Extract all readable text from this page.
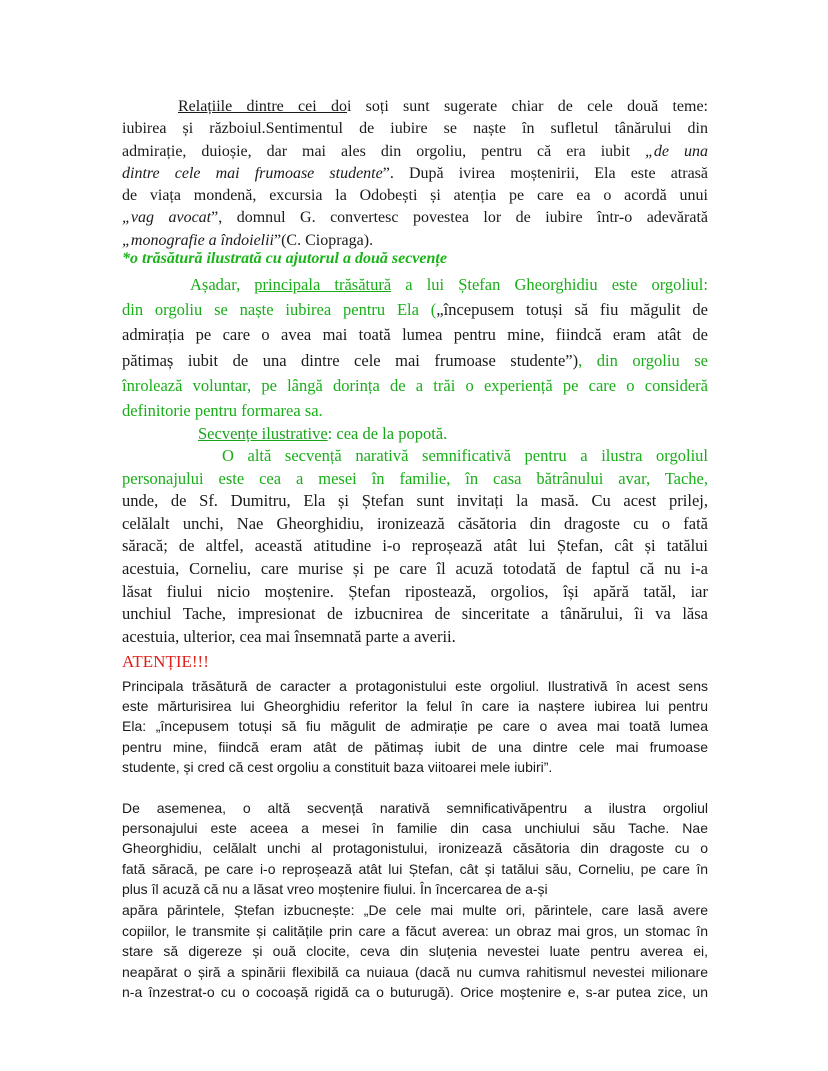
Relațiile dintre cei doi soți sunt sugerate chiar de cele două teme:
iubirea și războiul.Sentimentul de iubire se naște în sufletul tânărului din
admirație, duioșie, dar mai ales din orgoliu, pentru că era iubit „de una
dintre cele mai frumoase studente”. După ivirea moștenirii, Ela este atrasă
de viața mondenă, excursia la Odobești și atenția pe care ea o acordă unui
„vag avocat”, domnul G. convertesc povestea lor de iubire într-o adevărată
„monografie a îndoielii”(C. Ciopraga).
*o trăsătură ilustrată cu ajutorul a două secvențe
Așadar, principala trăsătură a lui Ștefan Gheorghidiu este orgoliul:
din orgoliu se naște iubirea pentru Ela („începusem totuși să fiu măgulit de
admirația pe care o avea mai toată lumea pentru mine, fiindcă eram atât de
pătimaș iubit de una dintre cele mai frumoase studente”), din orgoliu se
înrolează voluntar, pe lângă dorința de a trăi o experiență pe care o consideră
definitorie pentru formarea sa.
Secvențe ilustrative: cea de la popotă.
O altă secvență narativă semnificativă pentru a ilustra orgoliul
personajului este cea a mesei în familie, în casa bătrânului avar, Tache,
unde, de Sf. Dumitru, Ela și Ștefan sunt invitați la masă. Cu acest prilej,
celălalt unchi, Nae Gheorghidiu, ironizează căsătoria din dragoste cu o fată
săracă; de altfel, această atitudine i-o reproșează atât lui Ștefan, cât și tatălui
acestuia, Corneliu, care murise și pe care îl acuză totodată de faptul că nu i-a
lăsat fiului nicio moștenire. Ștefan ripostează, orgolios, își apără tatăl, iar
unchiul Tache, impresionat de izbucnirea de sinceritate a tânărului, îi va lăsa
acestuia, ulterior, cea mai însemnată parte a averii.
ATENȚIE!!!
Principala trăsătură de caracter a protagonistului este orgoliul. Ilustrativă în acest sens
este mărturisirea lui Gheorghidiu referitor la felul în care ia naștere iubirea lui pentru
Ela: „începusem totuși să fiu măgulit de admirație pe care o avea mai toată lumea
pentru mine, fiindcă eram atât de pătimaș iubit de una dintre cele mai frumoase
studente, și cred că cest orgoliu a constituit baza viitoarei mele iubiri”.
De asemenea, o altă secvență narativă semnificativăpentru a ilustra orgoliul
personajului este aceea a mesei în familie din casa unchiului său Tache. Nae
Gheorghidiu, celălalt unchi al protagonistului, ironizează căsătoria din dragoste cu o
fată săracă, pe care i-o reproșează atât lui Ștefan, cât și tatălui său, Corneliu, pe care în
plus îl acuză că nu a lăsat vreo moștenire fiului. În încercarea de a-și
apăra părintele, Ștefan izbucnește: „De cele mai multe ori, părintele, care lasă avere
copiilor, le transmite și calitățile prin care a făcut averea: un obraz mai gros, un stomac în
stare să digereze și ouă clocite, ceva din sluțenia nevestei luate pentru averea ei,
neapărat o șiră a spinării flexibilă ca nuiaua (dacă nu cumva rahitismul nevestei milionare
n-a înzestrat-o cu o cocoașă rigidă ca o buturugă). Orice moștenire e, s-ar putea zice, un
